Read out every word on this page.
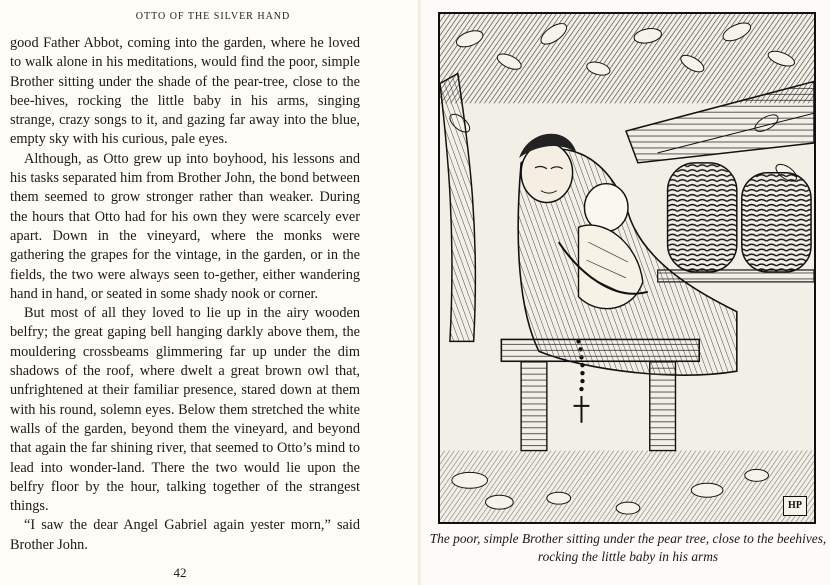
OTTO OF THE SILVER HAND

good Father Abbot, coming into the garden, where he loved to walk alone in his meditations, would find the poor, simple Brother sitting under the shade of the pear-tree, close to the bee-hives, rocking the little baby in his arms, singing strange, crazy songs to it, and gazing far away into the blue, empty sky with his curious, pale eyes.

Although, as Otto grew up into boyhood, his lessons and his tasks separated him from Brother John, the bond between them seemed to grow stronger rather than weaker. During the hours that Otto had for his own they were scarcely ever apart. Down in the vineyard, where the monks were gathering the grapes for the vintage, in the garden, or in the fields, the two were always seen to-gether, either wandering hand in hand, or seated in some shady nook or corner.

But most of all they loved to lie up in the airy wooden belfry; the great gaping bell hanging darkly above them, the mouldering crossbeams glimmering far up under the dim shadows of the roof, where dwelt a great brown owl that, unfrightened at their familiar presence, stared down at them with his round, solemn eyes. Below them stretched the white walls of the garden, beyond them the vineyard, and beyond that again the far shining river, that seemed to Otto’s mind to lead into wonder-land. There the two would lie upon the belfry floor by the hour, talking together of the strangest things.

“I saw the dear Angel Gabriel again yester morn,” said Brother John.

42
HP
The poor, simple Brother sitting under the pear tree, close to the beehives, rocking the little baby in his arms
